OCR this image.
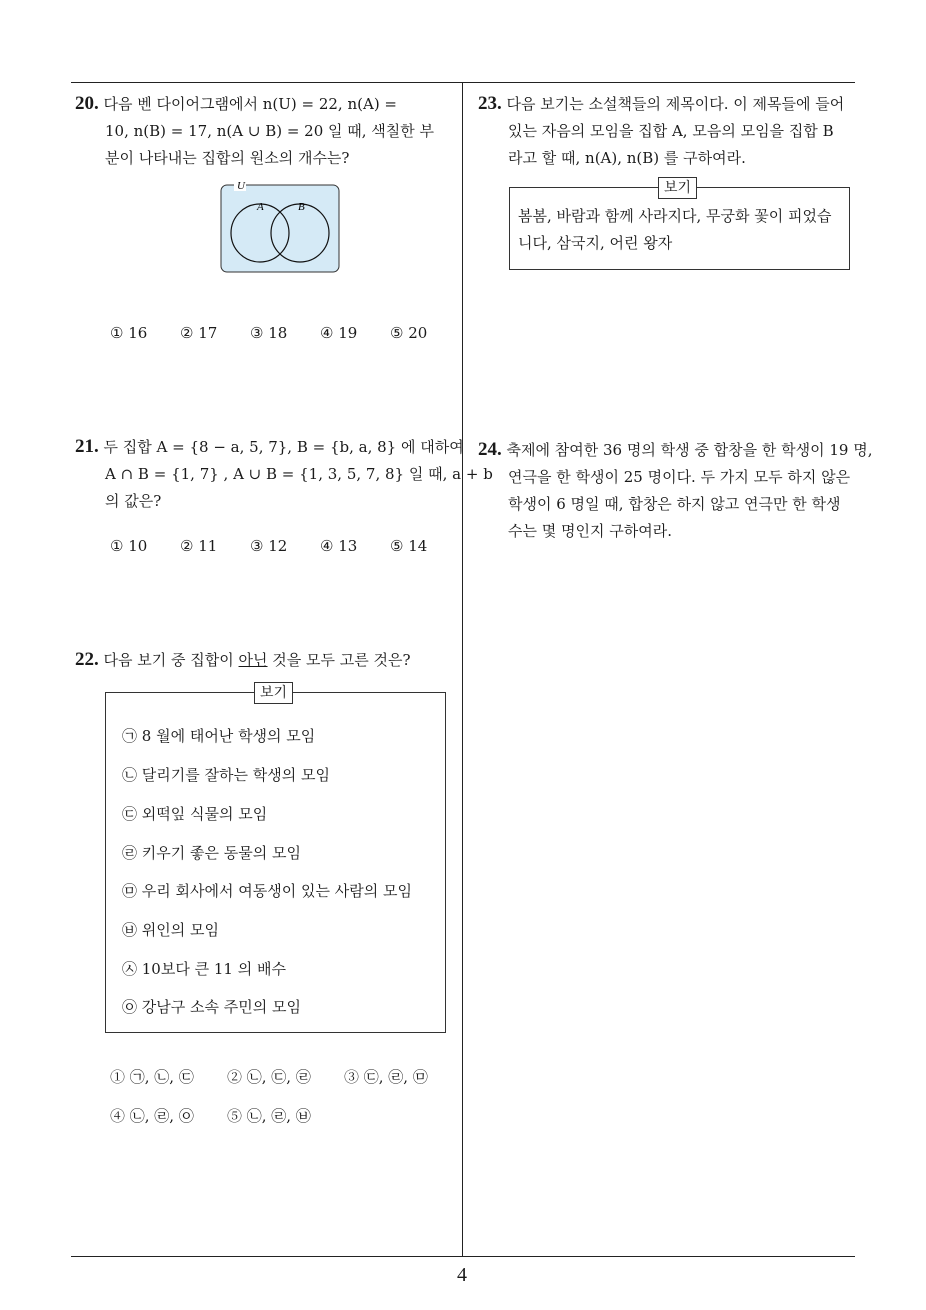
20. 다음 벤 다이어그램에서 n(U) = 22, n(A) =
10, n(B) = 17, n(A ∪ B) = 20 일 때, 색칠한 부
분이 나타내는 집합의 원소의 개수는?
U
A	B
① 16 ② 17 ③ 18 ④ 19 ⑤ 20
21. 두 집합 A = {8 − a, 5, 7}, B = {b, a, 8} 에 대하여
A ∩ B = {1, 7} , A ∪ B = {1, 3, 5, 7, 8} 일 때, a + b
의 값은?
① 10 ② 11 ③ 12 ④ 13 ⑤ 14
22. 다음 보기 중 집합이 아닌 것을 모두 고른 것은?
보기
㉠ 8 월에 태어난 학생의 모임
㉡ 달리기를 잘하는 학생의 모임
㉢ 외떡잎 식물의 모임
㉣ 키우기 좋은 동물의 모임
㉤ 우리 회사에서 여동생이 있는 사람의 모임
㉥ 위인의 모임
㉦ 10보다 큰 11 의 배수
㉧ 강남구 소속 주민의 모임
① ㉠, ㉡, ㉢ ② ㉡, ㉢, ㉣ ③ ㉢, ㉣, ㉤
④ ㉡, ㉣, ㉧ ⑤ ㉡, ㉣, ㉥
23. 다음 보기는 소설책들의 제목이다. 이 제목들에 들어
있는 자음의 모임을 집합 A, 모음의 모임을 집합 B
라고 할 때, n(A), n(B) 를 구하여라.
보기
봄봄, 바람과 함께 사라지다, 무궁화 꽃이 피었습
니다, 삼국지, 어린 왕자
24. 축제에 참여한 36 명의 학생 중 합창을 한 학생이 19 명,
연극을 한 학생이 25 명이다. 두 가지 모두 하지 않은
학생이 6 명일 때, 합창은 하지 않고 연극만 한 학생
수는 몇 명인지 구하여라.
4
